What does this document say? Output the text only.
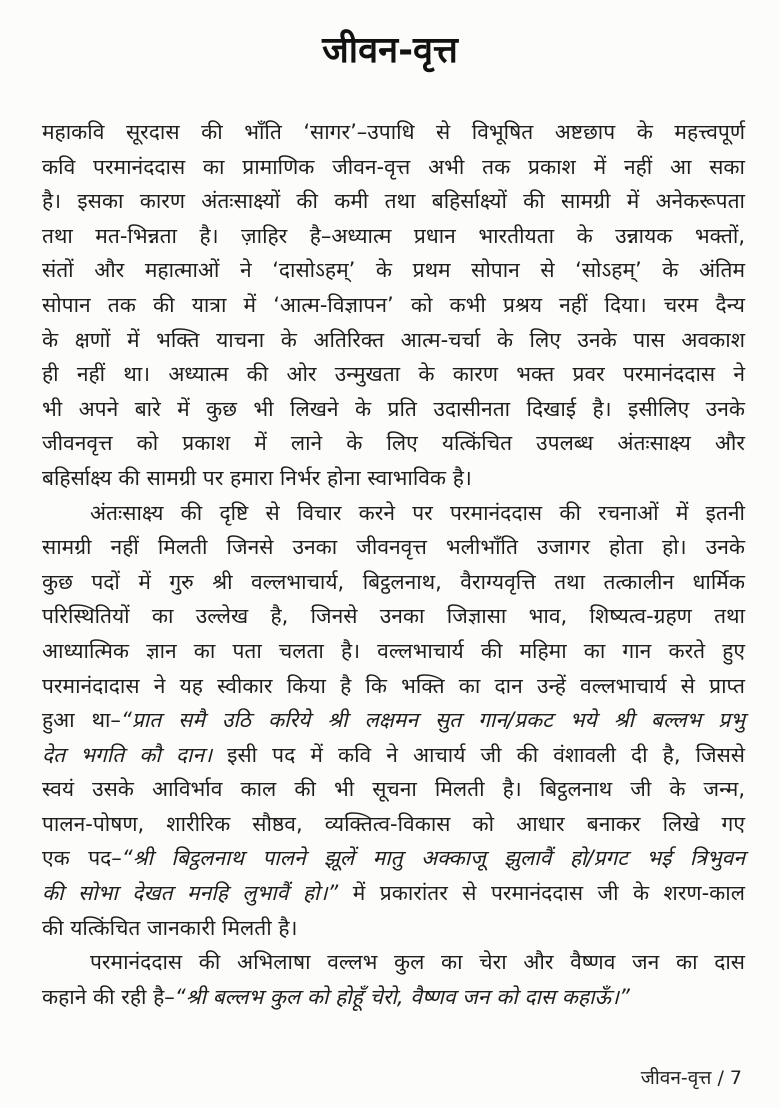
जीवन-वृत्त
महाकवि सूरदास की भाँति ‘सागर’–उपाधि से विभूषित अष्टछाप के महत्त्वपूर्ण
कवि परमानंददास का प्रामाणिक जीवन-वृत्त अभी तक प्रकाश में नहीं आ सका
है। इसका कारण अंतःसाक्ष्यों की कमी तथा बहिर्साक्ष्यों की सामग्री में अनेकरूपता
तथा मत-भिन्नता है। ज़ाहिर है–अध्यात्म प्रधान भारतीयता के उन्नायक भक्तों,
संतों और महात्माओं ने ‘दासोऽहम्’ के प्रथम सोपान से ‘सोऽहम्’ के अंतिम
सोपान तक की यात्रा में ‘आत्म-विज्ञापन’ को कभी प्रश्रय नहीं दिया। चरम दैन्य
के क्षणों में भक्ति याचना के अतिरिक्त आत्म-चर्चा के लिए उनके पास अवकाश
ही नहीं था। अध्यात्म की ओर उन्मुखता के कारण भक्त प्रवर परमानंददास ने
भी अपने बारे में कुछ भी लिखने के प्रति उदासीनता दिखाई है। इसीलिए उनके
जीवनवृत्त को प्रकाश में लाने के लिए यत्किंचित उपलब्ध अंतःसाक्ष्य और
बहिर्साक्ष्य की सामग्री पर हमारा निर्भर होना स्वाभाविक है।
अंतःसाक्ष्य की दृष्टि से विचार करने पर परमानंददास की रचनाओं में इतनी
सामग्री नहीं मिलती जिनसे उनका जीवनवृत्त भलीभाँति उजागर होता हो। उनके
कुछ पदों में गुरु श्री वल्लभाचार्य, बिट्ठलनाथ, वैराग्यवृत्ति तथा तत्कालीन धार्मिक
परिस्थितियों का उल्लेख है, जिनसे उनका जिज्ञासा भाव, शिष्यत्व-ग्रहण तथा
आध्यात्मिक ज्ञान का पता चलता है। वल्लभाचार्य की महिमा का गान करते हुए
परमानंदादास ने यह स्वीकार किया है कि भक्ति का दान उन्हें वल्लभाचार्य से प्राप्त
हुआ था–“प्रात समै उठि करिये श्री लक्षमन सुत गान/प्रकट भये श्री बल्लभ प्रभु
देत भगति कौ दान। इसी पद में कवि ने आचार्य जी की वंशावली दी है, जिससे
स्वयं उसके आविर्भाव काल की भी सूचना मिलती है। बिट्ठलनाथ जी के जन्म,
पालन-पोषण, शारीरिक सौष्ठव, व्यक्तित्व-विकास को आधार बनाकर लिखे गए
एक पद–“श्री बिट्ठलनाथ पालने झूलें मातु अक्काजू झुलावैं हो/प्रगट भई त्रिभुवन
की सोभा देखत मनहि लुभावैं हो।” में प्रकारांतर से परमानंददास जी के शरण-काल
की यत्किंचित जानकारी मिलती है।
परमानंददास की अभिलाषा वल्लभ कुल का चेरा और वैष्णव जन का दास
कहाने की रही है–“श्री बल्लभ कुल को होहूँ चेरो, वैष्णव जन को दास कहाऊँ।”
जीवन-वृत्त / 7
